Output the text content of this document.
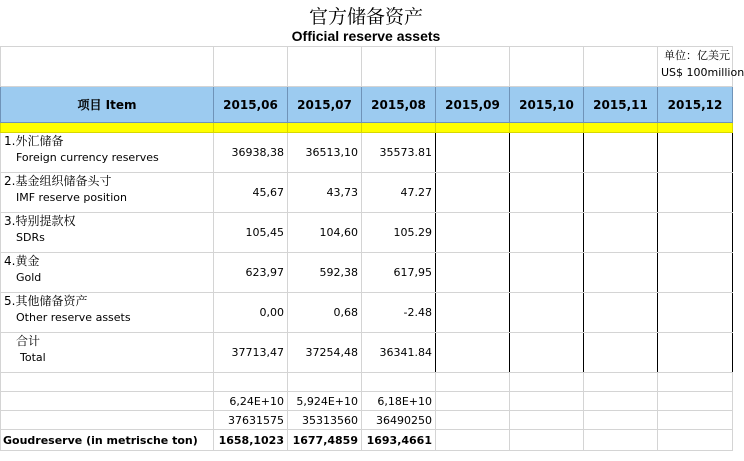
官方储备资产
Official reserve assets

							单位：亿美元
US$ 100million

项目 Item	2015,06	2015,07	2015,08	2015,09	2015,10	2015,11	2015,12

1.外汇储备
Foreign currency reserves	36938,38	36513,10	35573.81				

2.基金组织储备头寸
IMF reserve position	45,67	43,73	47.27				

3.特别提款权
SDRs	105,45	104,60	105.29				

4.黄金
Gold	623,97	592,38	617,95				

5.其他储备资产
Other reserve assets	0,00	0,68	-2.48				

合计
Total	37713,47	37254,48	36341.84				

	6,24E+10	5,924E+10	6,18E+10				
	37631575	35313560	36490250				
Goudreserve (in metrische ton)	1658,1023	1677,4859	1693,4661				
